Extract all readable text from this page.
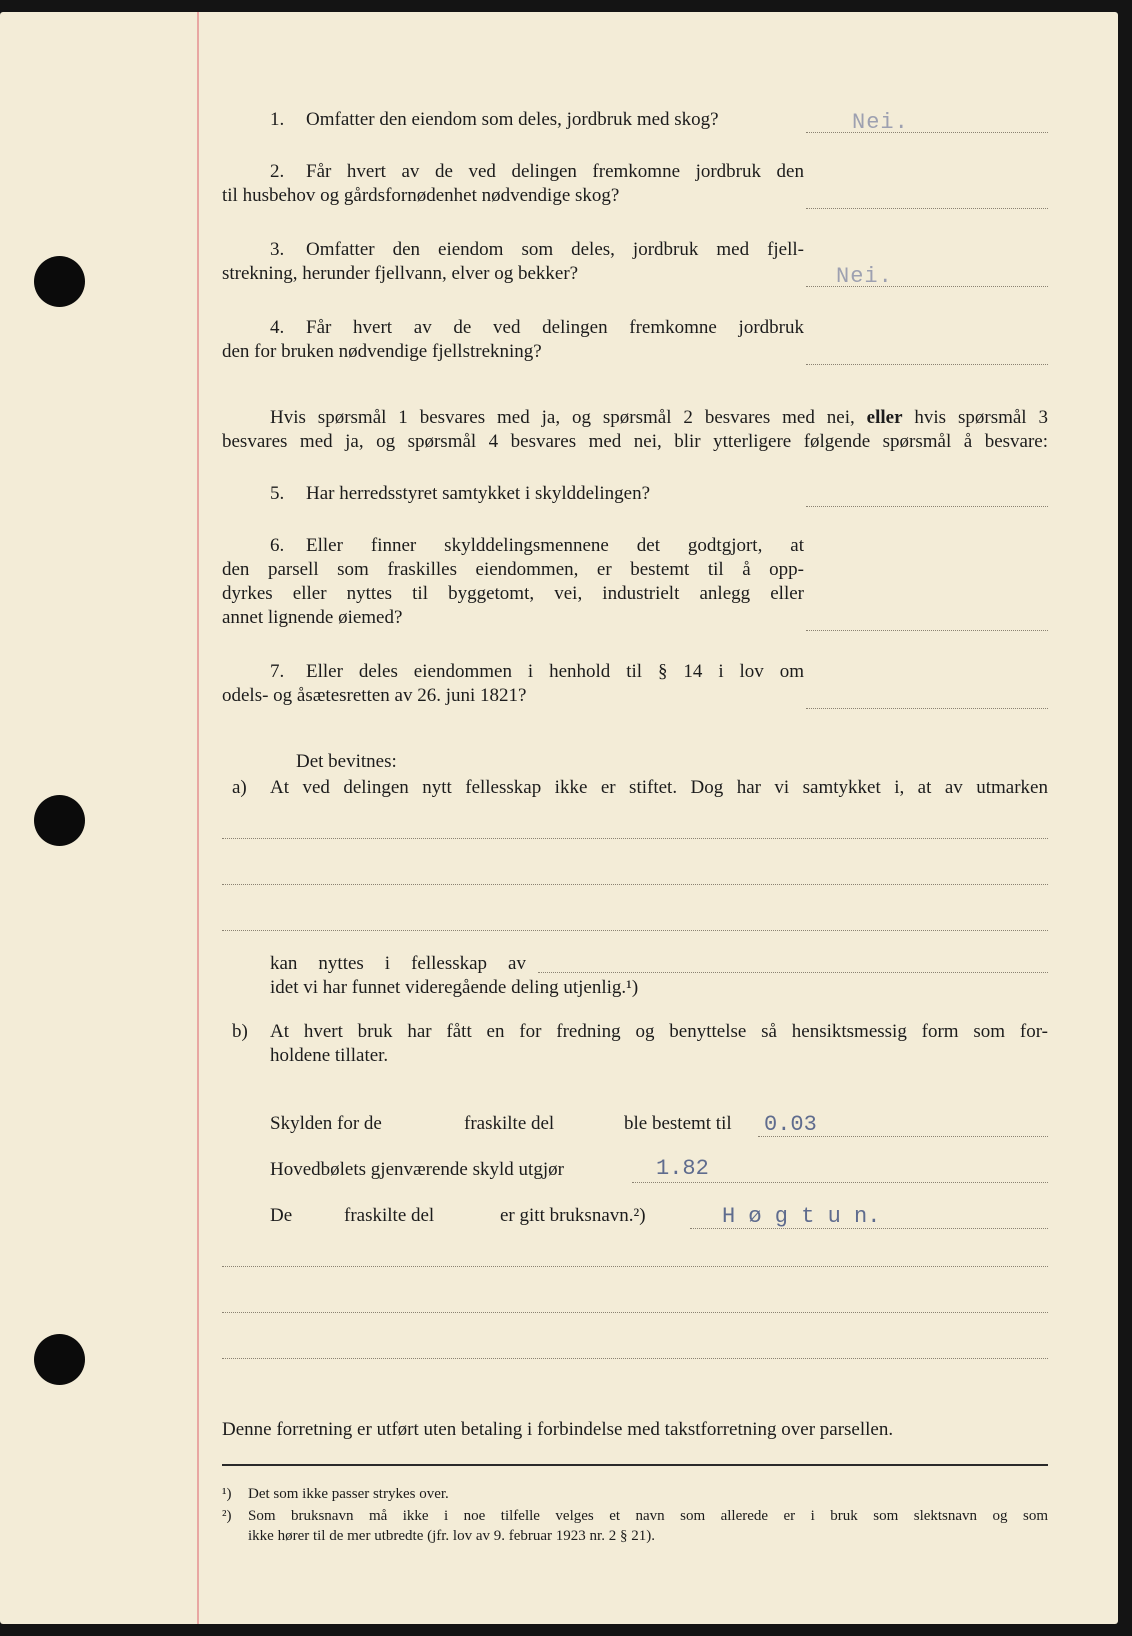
1. Omfatter den eiendom som deles, jordbruk med skog?	Nei.
2. Får hvert av de ved delingen fremkomne jordbruk den
til husbehov og gårdsfornødenhet nødvendige skog?
3. Omfatter den eiendom som deles, jordbruk med fjell-
strekning, herunder fjellvann, elver og bekker?	Nei.
4. Får hvert av de ved delingen fremkomne jordbruk
den for bruken nødvendige fjellstrekning?
Hvis spørsmål 1 besvares med ja, og spørsmål 2 besvares med nei, eller hvis spørsmål 3
besvares med ja, og spørsmål 4 besvares med nei, blir ytterligere følgende spørsmål å besvare:
5. Har herredsstyret samtykket i skylddelingen?
6. Eller finner skylddelingsmennene det godtgjort, at
den parsell som fraskilles eiendommen, er bestemt til å opp-
dyrkes eller nyttes til byggetomt, vei, industrielt anlegg eller
annet lignende øiemed?
7. Eller deles eiendommen i henhold til § 14 i lov om
odels- og åsætesretten av 26. juni 1821?
Det bevitnes:
a) At ved delingen nytt fellesskap ikke er stiftet. Dog har vi samtykket i, at av utmarken
kan nyttes i fellesskap av
idet vi har funnet videregående deling utjenlig.¹)
b) At hvert bruk har fått en for fredning og benyttelse så hensiktsmessig form som for-
holdene tillater.
Skylden for de	fraskilte del	ble bestemt til 0.03
Hovedbølets gjenværende skyld utgjør	1.82
De	fraskilte del	er gitt bruksnavn.²)	H ø g t u n.
Denne forretning er utført uten betaling i forbindelse med takstforretning over parsellen.
¹) Det som ikke passer strykes over.
²) Som bruksnavn må ikke i noe tilfelle velges et navn som allerede er i bruk som slektsnavn og som
ikke hører til de mer utbredte (jfr. lov av 9. februar 1923 nr. 2 § 21).
